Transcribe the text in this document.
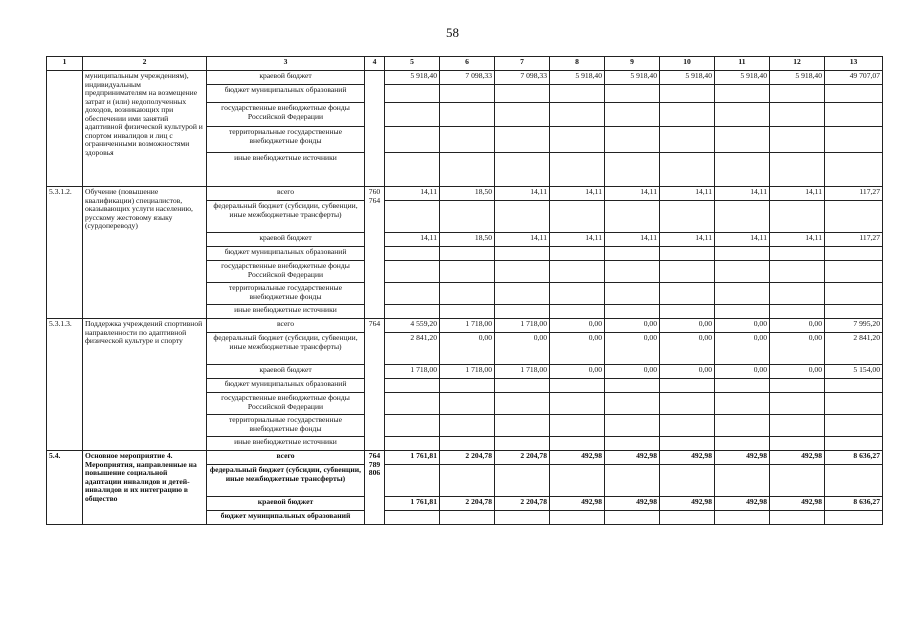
58
1	2	3	4	5	6	7	8	9	10	11	12	13
	муниципальным учреждениям), индивидуальным предпринимателям на возмещение затрат и (или) недополученных доходов, возникающих при обеспечении ими занятий адаптивной физической культурой и спортом инвалидов и лиц с ограниченными возможностями здоровья	краевой бюджет		5 918,40	7 098,33	7 098,33	5 918,40	5 918,40	5 918,40	5 918,40	5 918,40	49 707,07
		бюджет муниципальных образований										
		государственные внебюджетные фонды Российской Федерации										
		территориальные государственные внебюджетные фонды										
		иные внебюджетные источники										
5.3.1.2.	Обучение (повышение квалификации) специалистов, оказывающих услуги населению, русскому жестовому языку (сурдопереводу)	всего	760 764	14,11	18,50	14,11	14,11	14,11	14,11	14,11	14,11	117,27
		федеральный бюджет (субсидии, субвенции, иные межбюджетные трансферты)										
		краевой бюджет		14,11	18,50	14,11	14,11	14,11	14,11	14,11	14,11	117,27
		бюджет муниципальных образований										
		государственные внебюджетные фонды Российской Федерации										
		территориальные государственные внебюджетные фонды										
		иные внебюджетные источники										
5.3.1.3.	Поддержка учреждений спортивной направленности по адаптивной физической культуре и спорту	всего	764	4 559,20	1 718,00	1 718,00	0,00	0,00	0,00	0,00	0,00	7 995,20
		федеральный бюджет (субсидии, субвенции, иные межбюджетные трансферты)		2 841,20	0,00	0,00	0,00	0,00	0,00	0,00	0,00	2 841,20
		краевой бюджет		1 718,00	1 718,00	1 718,00	0,00	0,00	0,00	0,00	0,00	5 154,00
		бюджет муниципальных образований										
		государственные внебюджетные фонды Российской Федерации										
		территориальные государственные внебюджетные фонды										
		иные внебюджетные источники										
5.4.	Основное мероприятие 4. Мероприятия, направленные на повышение социальной адаптации инвалидов и детей-инвалидов и их интеграцию в общество	всего	764 789 806	1 761,81	2 204,78	2 204,78	492,98	492,98	492,98	492,98	492,98	8 636,27
		федеральный бюджет (субсидии, субвенции, иные межбюджетные трансферты)										
		краевой бюджет		1 761,81	2 204,78	2 204,78	492,98	492,98	492,98	492,98	492,98	8 636,27
		бюджет муниципальных образований										
